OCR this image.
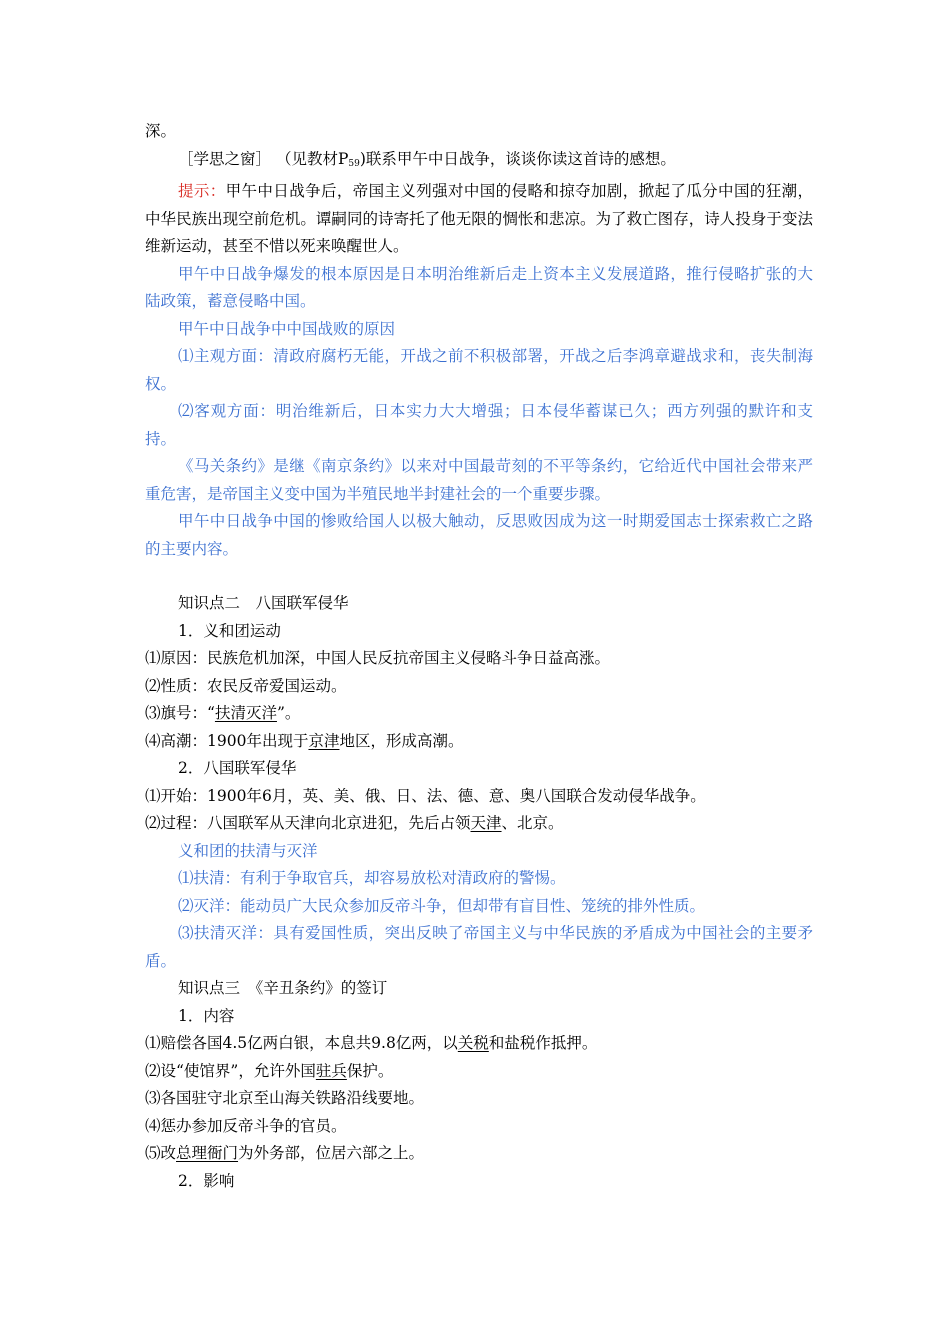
深。

［学思之窗］ （见教材$P_{59}$)联系甲午中日战争，谈谈你读这首诗的感想。

提示：甲午中日战争后，帝国主义列强对中国的侵略和掠夺加剧，掀起了瓜分中国的狂潮，中华民族出现空前危机。谭嗣同的诗寄托了他无限的惆怅和悲凉。为了救亡图存，诗人投身于变法维新运动，甚至不惜以死来唤醒世人。

甲午中日战争爆发的根本原因是日本明治维新后走上资本主义发展道路，推行侵略扩张的大陆政策，蓄意侵略中国。

甲午中日战争中中国战败的原因

⑴主观方面：清政府腐朽无能，开战之前不积极部署，开战之后李鸿章避战求和，丧失制海权。

⑵客观方面：明治维新后，日本实力大大增强；日本侵华蓄谋已久；西方列强的默许和支持。

《马关条约》是继《南京条约》以来对中国最苛刻的不平等条约，它给近代中国社会带来严重危害，是帝国主义变中国为半殖民地半封建社会的一个重要步骤。

甲午中日战争中国的惨败给国人以极大触动，反思败因成为这一时期爱国志士探索救亡之路的主要内容。

知识点二　八国联军侵华

1．义和团运动

⑴原因：民族危机加深，中国人民反抗帝国主义侵略斗争日益高涨。

⑵性质：农民反帝爱国运动。

⑶旗号：“扶清灭洋”。

⑷高潮：1900年出现于京津地区，形成高潮。

2．八国联军侵华

⑴开始：1900年6月，英、美、俄、日、法、德、意、奥八国联合发动侵华战争。

⑵过程：八国联军从天津向北京进犯，先后占领天津、北京。

义和团的扶清与灭洋

⑴扶清：有利于争取官兵，却容易放松对清政府的警惕。

⑵灭洋：能动员广大民众参加反帝斗争，但却带有盲目性、笼统的排外性质。

⑶扶清灭洋：具有爱国性质，突出反映了帝国主义与中华民族的矛盾成为中国社会的主要矛盾。

知识点三　《辛丑条约》的签订

1．内容

⑴赔偿各国4.5亿两白银，本息共9.8亿两，以关税和盐税作抵押。

⑵设“使馆界”，允许外国驻兵保护。

⑶各国驻守北京至山海关铁路沿线要地。

⑷惩办参加反帝斗争的官员。

⑸改总理衙门为外务部，位居六部之上。

2．影响
